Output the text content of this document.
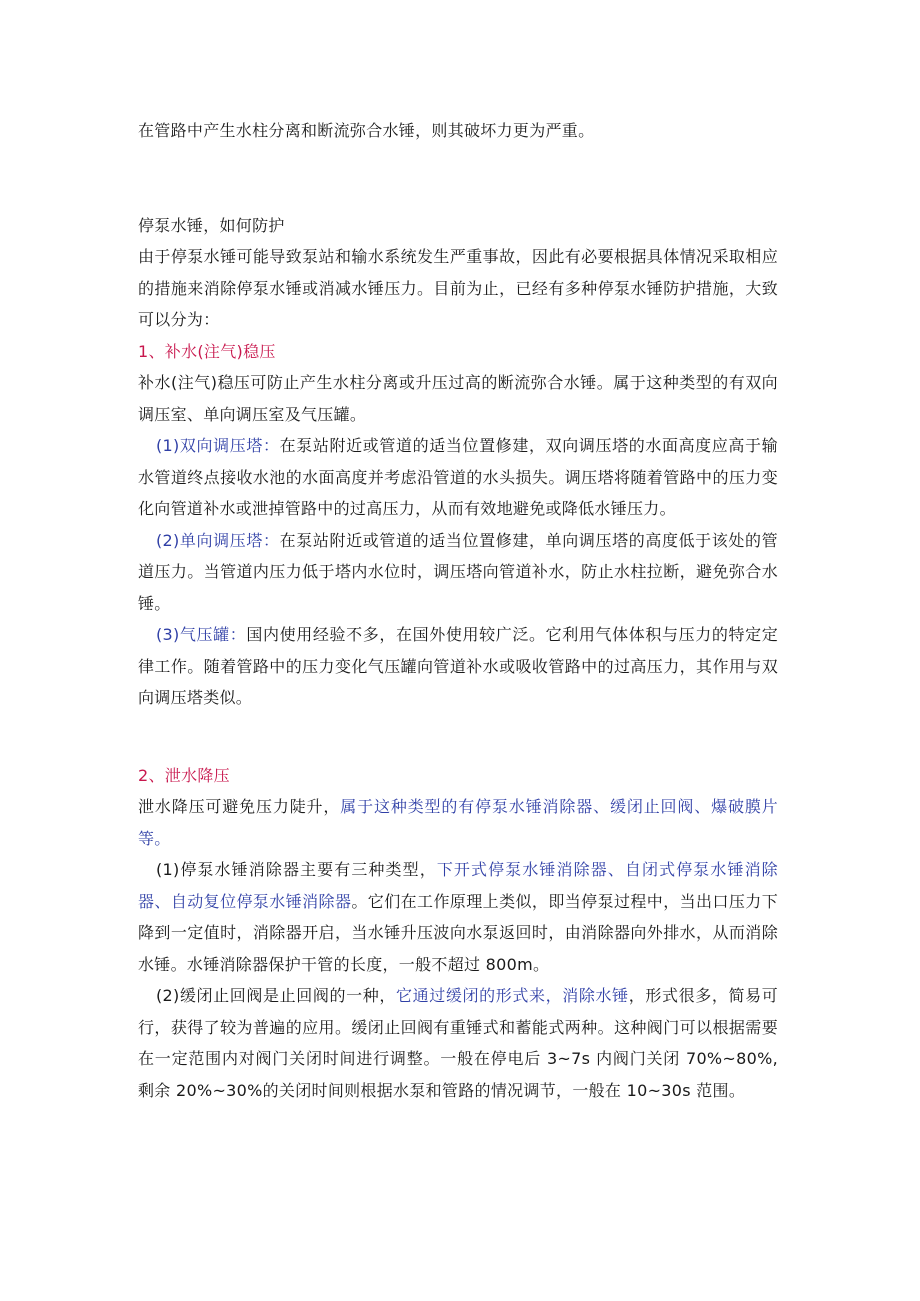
在管路中产生水柱分离和断流弥合水锤，则其破坏力更为严重。

停泵水锤，如何防护

由于停泵水锤可能导致泵站和输水系统发生严重事故，因此有必要根据具体情况采取相应的措施来消除停泵水锤或消减水锤压力。目前为止，已经有多种停泵水锤防护措施，大致可以分为：

1、补水(注气)稳压

补水(注气)稳压可防止产生水柱分离或升压过高的断流弥合水锤。属于这种类型的有双向调压室、单向调压室及气压罐。

(1)双向调压塔：在泵站附近或管道的适当位置修建，双向调压塔的水面高度应高于输水管道终点接收水池的水面高度并考虑沿管道的水头损失。调压塔将随着管路中的压力变化向管道补水或泄掉管路中的过高压力，从而有效地避免或降低水锤压力。

(2)单向调压塔：在泵站附近或管道的适当位置修建，单向调压塔的高度低于该处的管道压力。当管道内压力低于塔内水位时，调压塔向管道补水，防止水柱拉断，避免弥合水锤。

(3)气压罐：国内使用经验不多，在国外使用较广泛。它利用气体体积与压力的特定定律工作。随着管路中的压力变化气压罐向管道补水或吸收管路中的过高压力，其作用与双向调压塔类似。

2、泄水降压

泄水降压可避免压力陡升，属于这种类型的有停泵水锤消除器、缓闭止回阀、爆破膜片等。

(1)停泵水锤消除器主要有三种类型，下开式停泵水锤消除器、自闭式停泵水锤消除器、自动复位停泵水锤消除器。它们在工作原理上类似，即当停泵过程中，当出口压力下降到一定值时，消除器开启，当水锤升压波向水泵返回时，由消除器向外排水，从而消除水锤。水锤消除器保护干管的长度，一般不超过 800m。

(2)缓闭止回阀是止回阀的一种，它通过缓闭的形式来，消除水锤，形式很多，简易可行，获得了较为普遍的应用。缓闭止回阀有重锤式和蓄能式两种。这种阀门可以根据需要在一定范围内对阀门关闭时间进行调整。一般在停电后 3~7s 内阀门关闭 70%~80%,剩余 20%~30%的关闭时间则根据水泵和管路的情况调节，一般在 10~30s 范围。
